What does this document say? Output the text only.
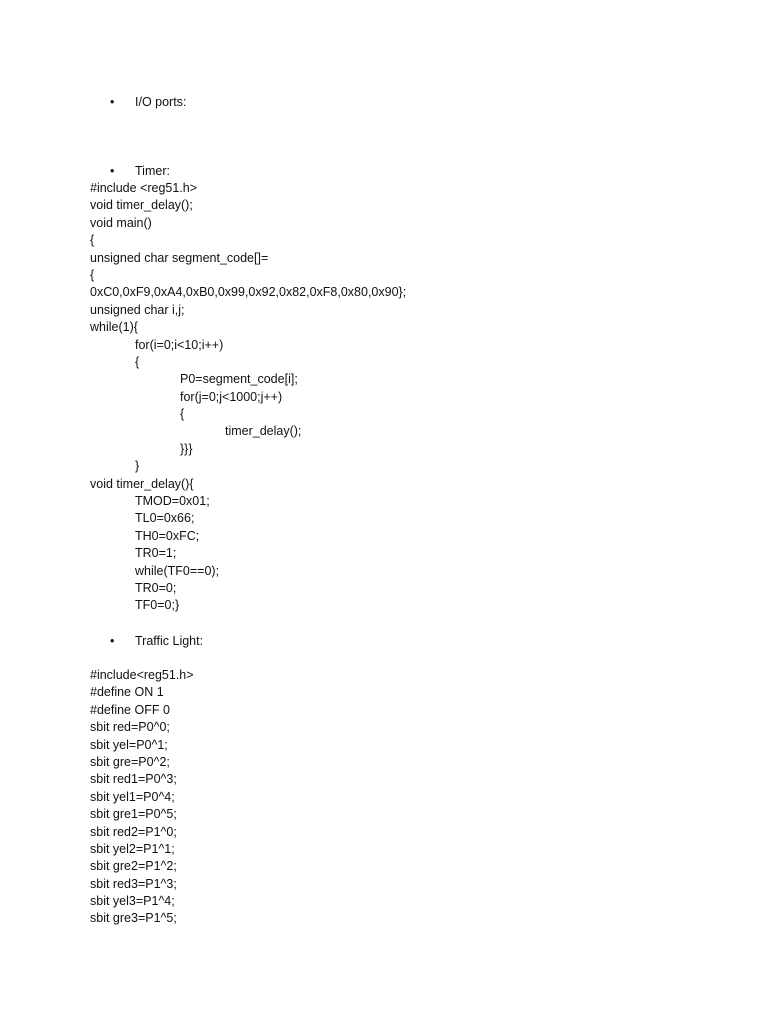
•	I/O ports:
•	Timer:
#include <reg51.h>
void timer_delay();
void main()
{
unsigned char segment_code[]=
{
0xC0,0xF9,0xA4,0xB0,0x99,0x92,0x82,0xF8,0x80,0x90};
unsigned char i,j;
while(1){
for(i=0;i<10;i++)
{
P0=segment_code[i];
for(j=0;j<1000;j++)
{
timer_delay();
}}}
}
void timer_delay(){
TMOD=0x01;
TL0=0x66;
TH0=0xFC;
TR0=1;
while(TF0==0);
TR0=0;
TF0=0;}
•	Traffic Light:
#include<reg51.h>
#define ON 1
#define OFF 0
sbit red=P0^0;
sbit yel=P0^1;
sbit gre=P0^2;
sbit red1=P0^3;
sbit yel1=P0^4;
sbit gre1=P0^5;
sbit red2=P1^0;
sbit yel2=P1^1;
sbit gre2=P1^2;
sbit red3=P1^3;
sbit yel3=P1^4;
sbit gre3=P1^5;
